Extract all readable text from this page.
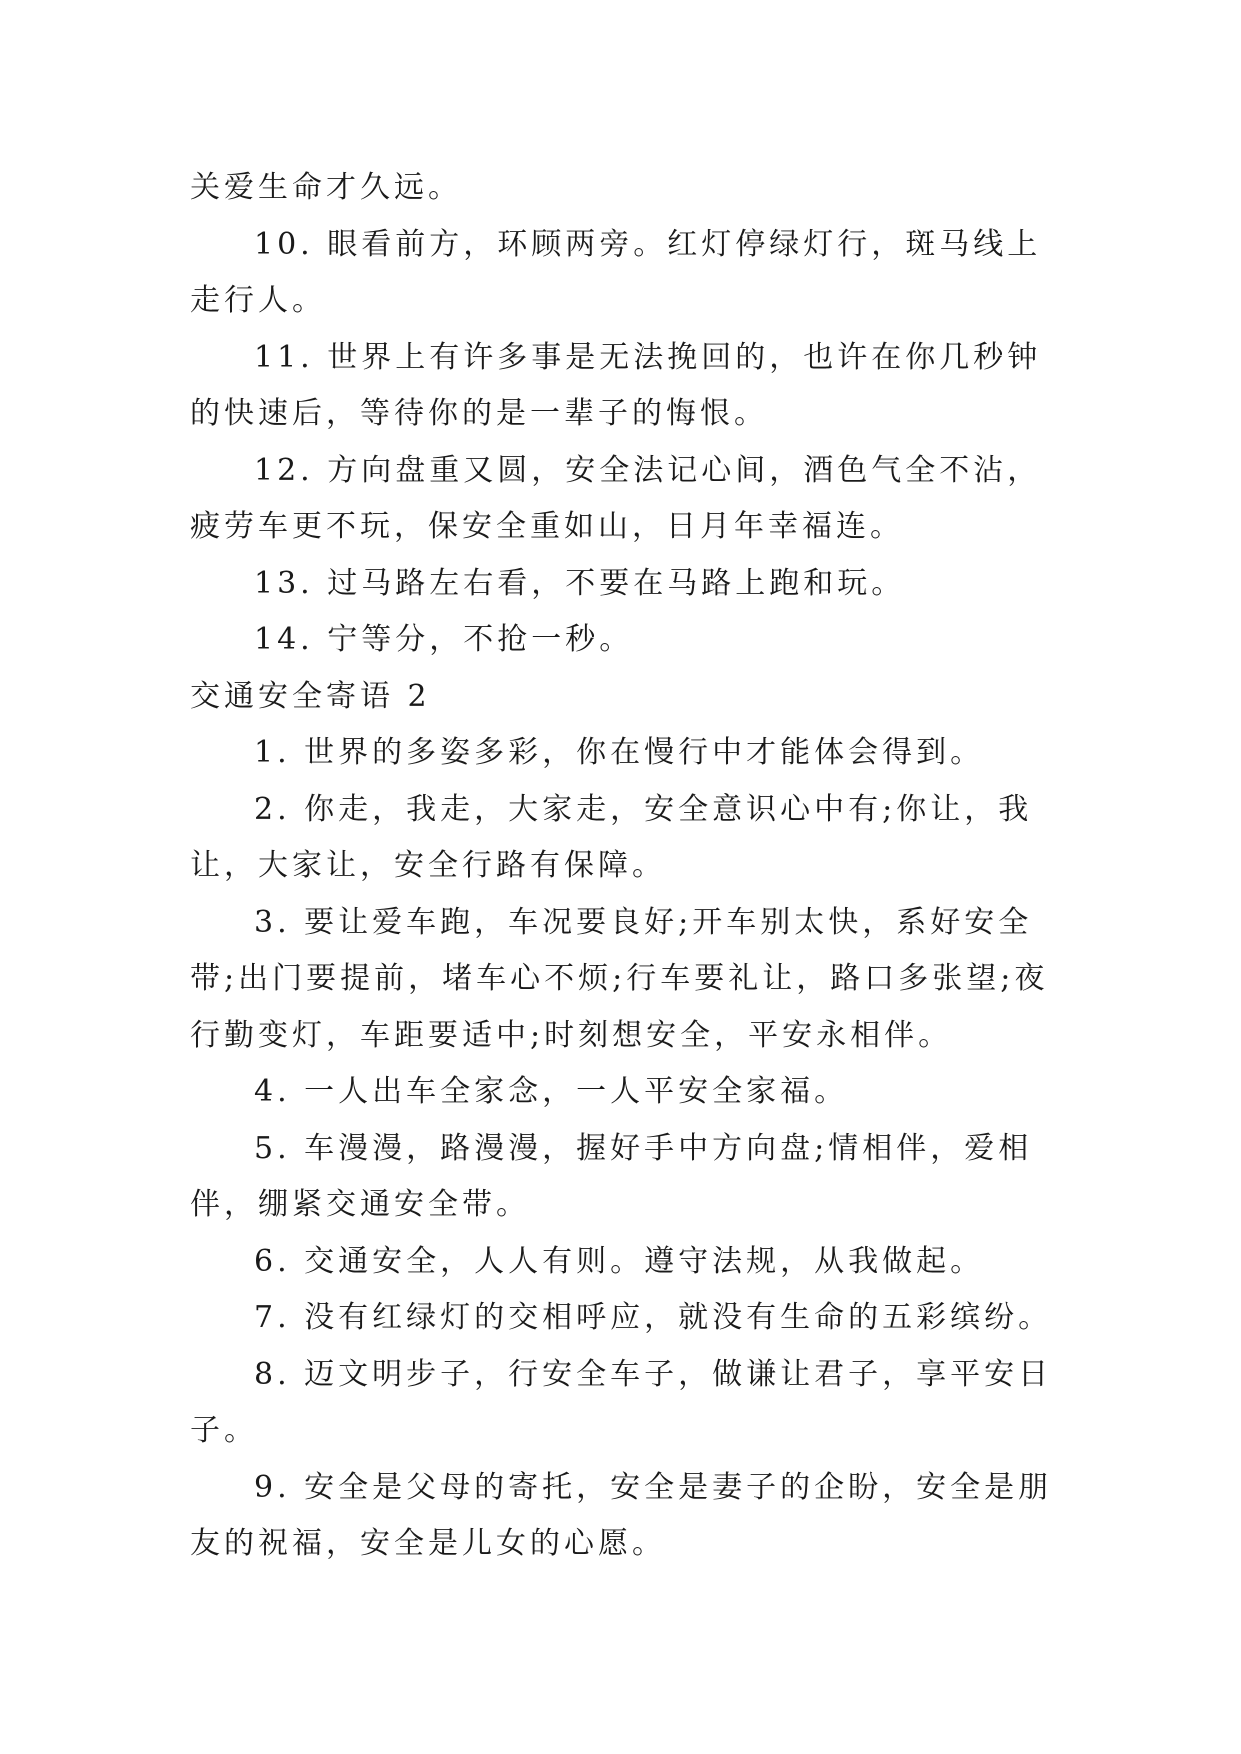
关爱生命才久远。

10. 眼看前方，环顾两旁。红灯停绿灯行，斑马线上走行人。

11. 世界上有许多事是无法挽回的，也许在你几秒钟的快速后，等待你的是一辈子的悔恨。

12. 方向盘重又圆，安全法记心间，酒色气全不沾，疲劳车更不玩，保安全重如山，日月年幸福连。

13. 过马路左右看，不要在马路上跑和玩。

14. 宁等分，不抢一秒。

交通安全寄语 2

1. 世界的多姿多彩，你在慢行中才能体会得到。

2. 你走，我走，大家走，安全意识心中有;你让，我让，大家让，安全行路有保障。

3. 要让爱车跑，车况要良好;开车别太快，系好安全带;出门要提前，堵车心不烦;行车要礼让，路口多张望;夜行勤变灯，车距要适中;时刻想安全，平安永相伴。

4. 一人出车全家念，一人平安全家福。

5. 车漫漫，路漫漫，握好手中方向盘;情相伴，爱相伴，绷紧交通安全带。

6. 交通安全，人人有则。遵守法规，从我做起。

7. 没有红绿灯的交相呼应，就没有生命的五彩缤纷。

8. 迈文明步子，行安全车子，做谦让君子，享平安日子。

9. 安全是父母的寄托，安全是妻子的企盼，安全是朋友的祝福，安全是儿女的心愿。
